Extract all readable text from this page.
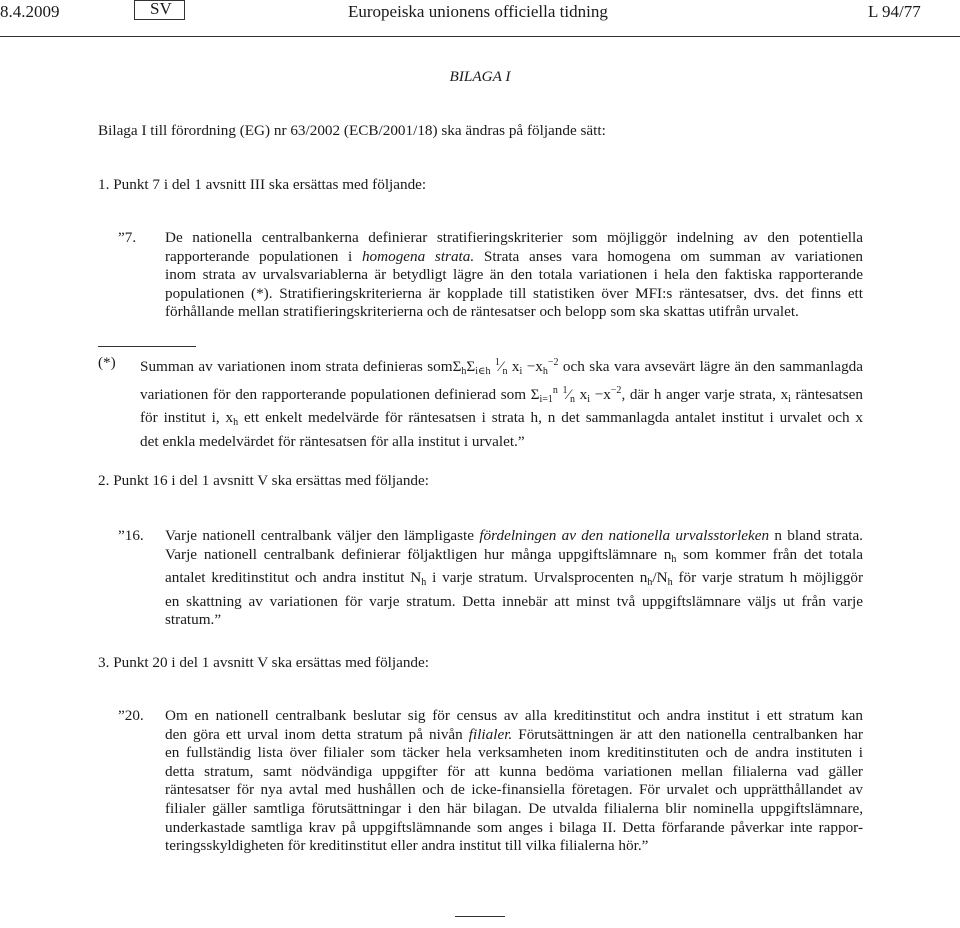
8.4.2009	SV	Europeiska unionens officiella tidning	L 94/77
BILAGA I
Bilaga I till förordning (EG) nr 63/2002 (ECB/2001/18) ska ändras på följande sätt:
1. Punkt 7 i del 1 avsnitt III ska ersättas med följande:
”7. De nationella centralbankerna definierar stratifieringskriterier som möjliggör indelning av den potentiella
rapporterande populationen i homogena strata. Strata anses vara homogena om summan av variationen
inom strata av urvalsvariablerna är betydligt lägre än den totala variationen i hela den faktiska rapporterande
populationen (*). Stratifieringskriterierna är kopplade till statistiken över MFI:s räntesatser, dvs. det finns ett
förhållande mellan stratifieringskriterierna och de räntesatser och belopp som ska skattas utifrån urvalet.
(*) Summan av variationen inom strata definieras $som\Sigma_h\Sigma_{i\in h}$ $^1⁄_n$ $x_i -x_h^{-2}$ och ska vara avsevärt lägre än den sammanlagda
variationen för den rapporterande populationen definierad som $\Sigma_{i=1}^n$ $^1⁄_n$ $x_i -x^{-2}$, där h anger varje strata, $x_i$ räntesatsen
för institut i, $x_h$ ett enkelt medelvärde för räntesatsen i strata h, n det sammanlagda antalet institut i urvalet och x
det enkla medelvärdet för räntesatsen för alla institut i urvalet.”
2. Punkt 16 i del 1 avsnitt V ska ersättas med följande:
”16. Varje nationell centralbank väljer den lämpligaste fördelningen av den nationella urvalsstorleken n bland strata.
Varje nationell centralbank definierar följaktligen hur många uppgiftslämnare $n_h$ som kommer från det totala
antalet kreditinstitut och andra institut $N_h$ i varje stratum. Urvalsprocenten $n_h/N_h$ för varje stratum h möjliggör
en skattning av variationen för varje stratum. Detta innebär att minst två uppgiftslämnare väljs ut från varje
stratum.”
3. Punkt 20 i del 1 avsnitt V ska ersättas med följande:
”20. Om en nationell centralbank beslutar sig för census av alla kreditinstitut och andra institut i ett stratum kan
den göra ett urval inom detta stratum på nivån filialer. Förutsättningen är att den nationella centralbanken har
en fullständig lista över filialer som täcker hela verksamheten inom kreditinstituten och de andra instituten i
detta stratum, samt nödvändiga uppgifter för att kunna bedöma variationen mellan filialerna vad gäller
räntesatser för nya avtal med hushållen och de icke-finansiella företagen. För urvalet och upprätthållandet av
filialer gäller samtliga förutsättningar i den här bilagan. De utvalda filialerna blir nominella uppgiftslämnare,
underkastade samtliga krav på uppgiftslämnande som anges i bilaga II. Detta förfarande påverkar inte rappor-
teringsskyldigheten för kreditinstitut eller andra institut till vilka filialerna hör.”
